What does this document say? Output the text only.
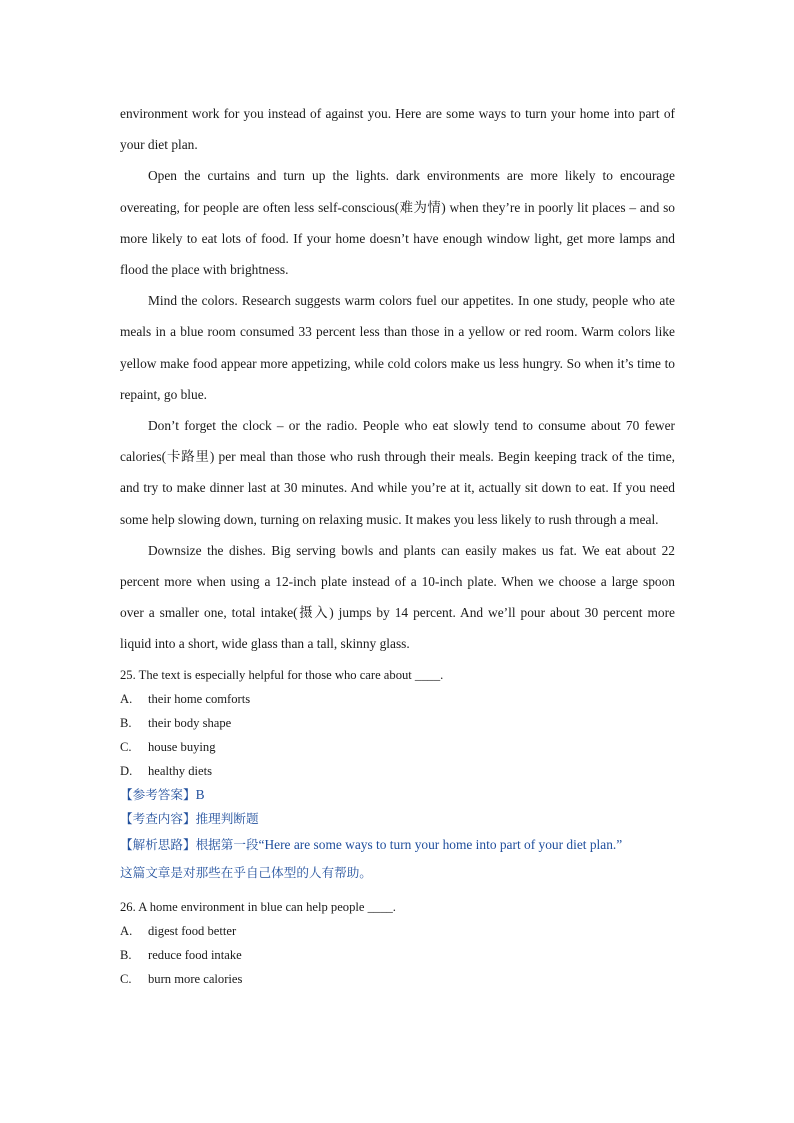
environment work for you instead of against you. Here are some ways to turn your home into part of your diet plan.

Open the curtains and turn up the lights. dark environments are more likely to encourage overeating, for people are often less self-conscious(难为情) when they’re in poorly lit places – and so more likely to eat lots of food. If your home doesn’t have enough window light, get more lamps and flood the place with brightness.

Mind the colors. Research suggests warm colors fuel our appetites. In one study, people who ate meals in a blue room consumed 33 percent less than those in a yellow or red room. Warm colors like yellow make food appear more appetizing, while cold colors make us less hungry. So when it’s time to repaint, go blue.

Don’t forget the clock – or the radio. People who eat slowly tend to consume about 70 fewer calories(卡路里) per meal than those who rush through their meals. Begin keeping track of the time, and try to make dinner last at 30 minutes. And while you’re at it, actually sit down to eat. If you need some help slowing down, turning on relaxing music. It makes you less likely to rush through a meal.

Downsize the dishes. Big serving bowls and plants can easily makes us fat. We eat about 22 percent more when using a 12-inch plate instead of a 10-inch plate. When we choose a large spoon over a smaller one, total intake(摄入) jumps by 14 percent. And we’ll pour about 30 percent more liquid into a short, wide glass than a tall, skinny glass.

25. The text is especially helpful for those who care about ____.

A.	their home comforts

B.	their body shape

C.	house buying

D.	healthy diets

【参考答案】B

【考查内容】推理判断题

【解析思路】根据第一段“Here are some ways to turn your home into part of your diet plan.”
这篇文章是对那些在乎自己体型的人有帮助。

26. A home environment in blue can help people ____.

A.	digest food better

B.	reduce food intake

C.	burn more calories
